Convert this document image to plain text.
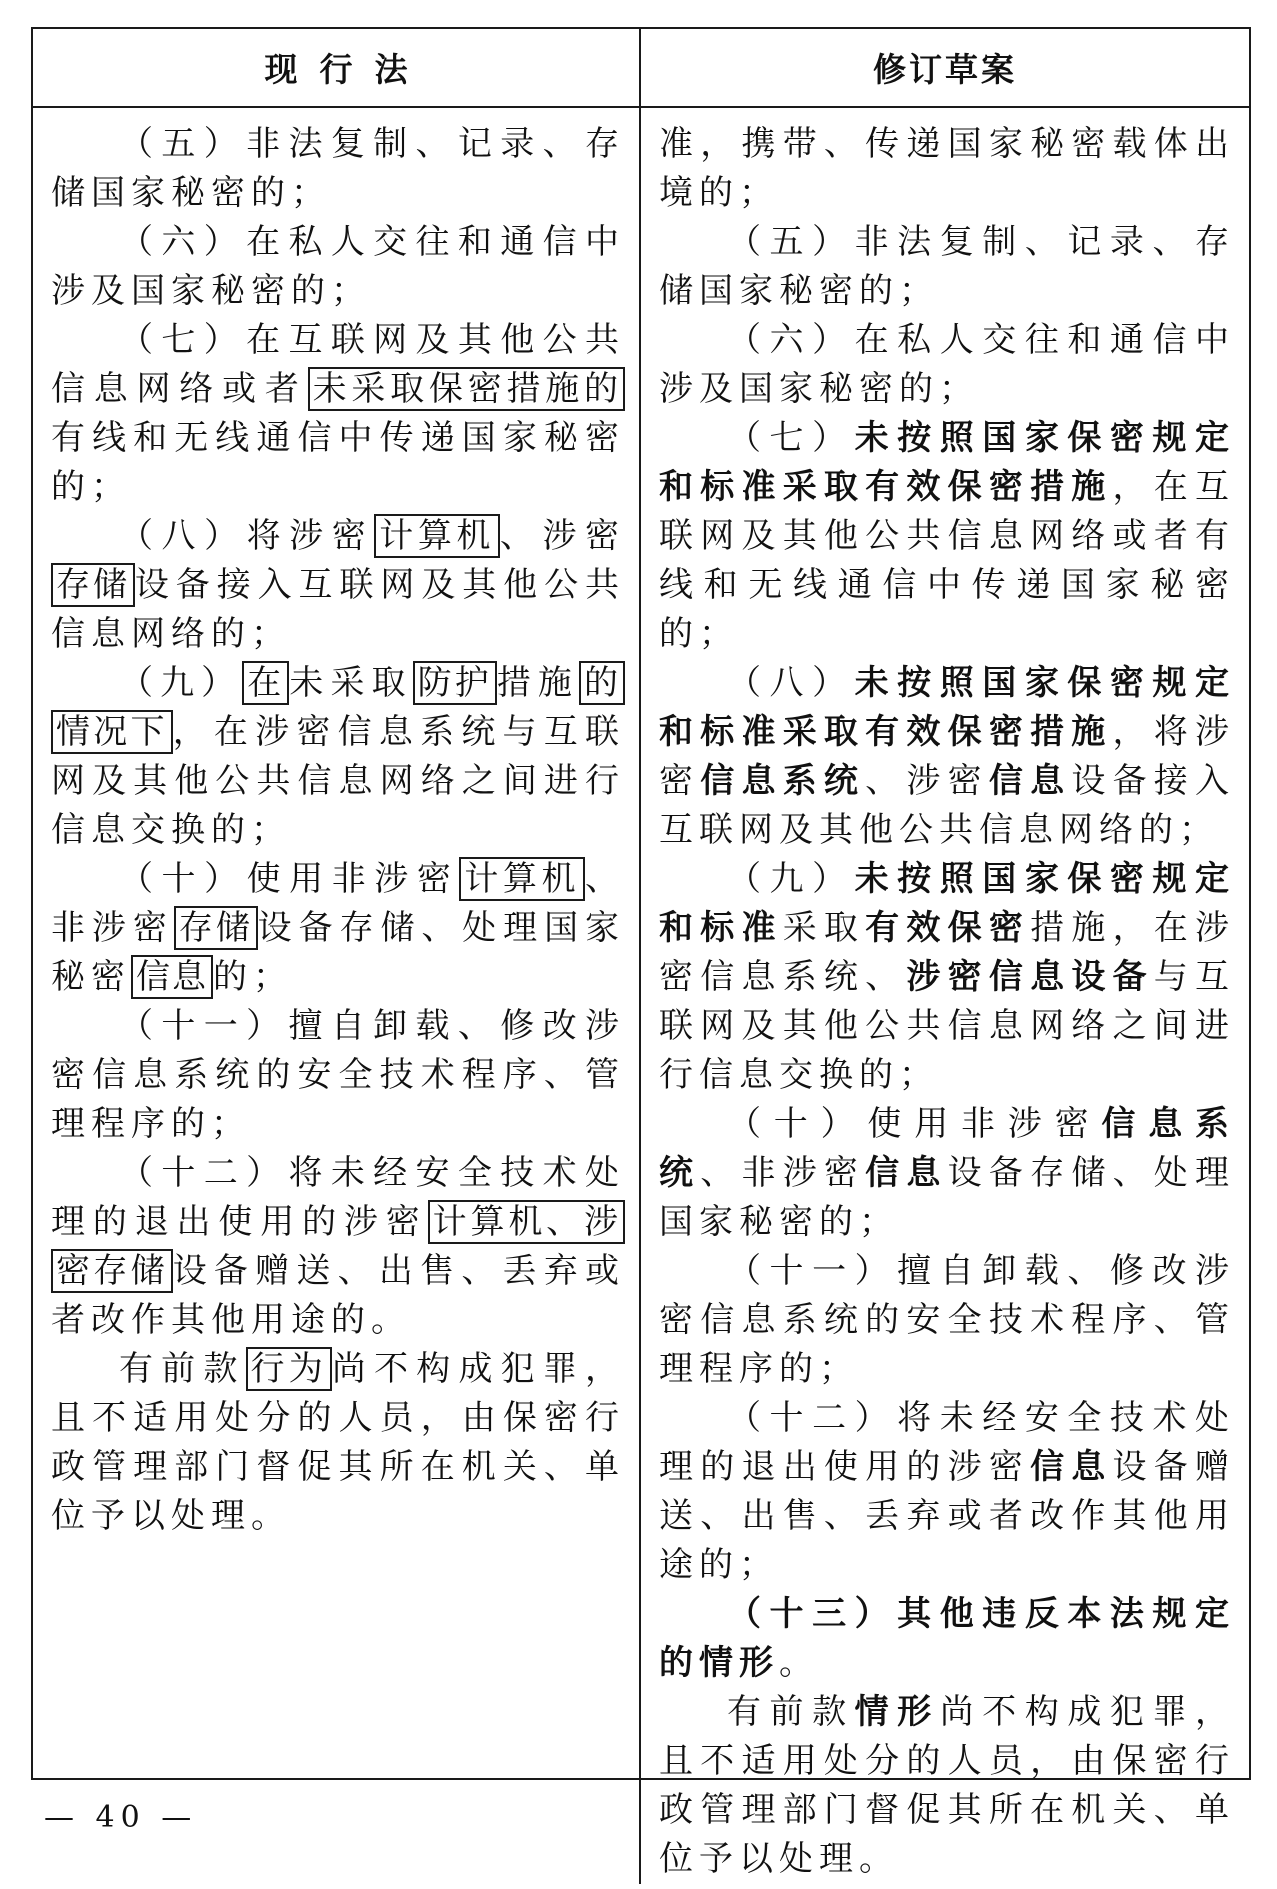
现行法	修订草案

（五）非法复制、记录、存储国家秘密的；

（六）在私人交往和通信中涉及国家秘密的；

（七）在互联网及其他公共信息网络或者 未采取保密措施的有线和无线通信中传递国家秘密的；

（八）将涉密 计算机 、涉密存储 设备接入互联网及其他公共信息网络的；

（九） 在 未采取 防护 措施 的情况下 ，在涉密信息系统与互联网及其他公共信息网络之间进行信息交换的；

（十）使用非涉密 计算机 、非涉密 存储 设备存储、处理国家秘密 信息 的；

（十一）擅自卸载、修改涉密信息系统的安全技术程序、管理程序的；

（十二）将未经安全技术处理的退出使用的涉密 计算机、涉密存储 设备赠送、出售、丢弃或者改作其他用途的。

有前款 行为 尚不构成犯罪，且不适用处分的人员，由保密行政管理部门督促其所在机关、单位予以处理。

准，携带、传递国家秘密载体出境的；

（五）非法复制、记录、存储国家秘密的；

（六）在私人交往和通信中涉及国家秘密的；

（七）未按照国家保密规定和标准采取有效保密措施，在互联网及其他公共信息网络或者有线和无线通信中传递国家秘密的；

（八）未按照国家保密规定和标准采取有效保密措施，将涉密信息系统、涉密信息设备接入互联网及其他公共信息网络的；

（九）未按照国家保密规定和标准采取有效保密措施，在涉密信息系统、涉密信息设备与互联网及其他公共信息网络之间进行信息交换的；

（十）使用非涉密信息系统、非涉密信息设备存储、处理国家秘密的；

（十一）擅自卸载、修改涉密信息系统的安全技术程序、管理程序的；

（十二）将未经安全技术处理的退出使用的涉密信息设备赠送、出售、丢弃或者改作其他用途的；

（十三）其他违反本法规定的情形。

有前款情形尚不构成犯罪，且不适用处分的人员，由保密行政管理部门督促其所在机关、单位予以处理。

— 40 —
